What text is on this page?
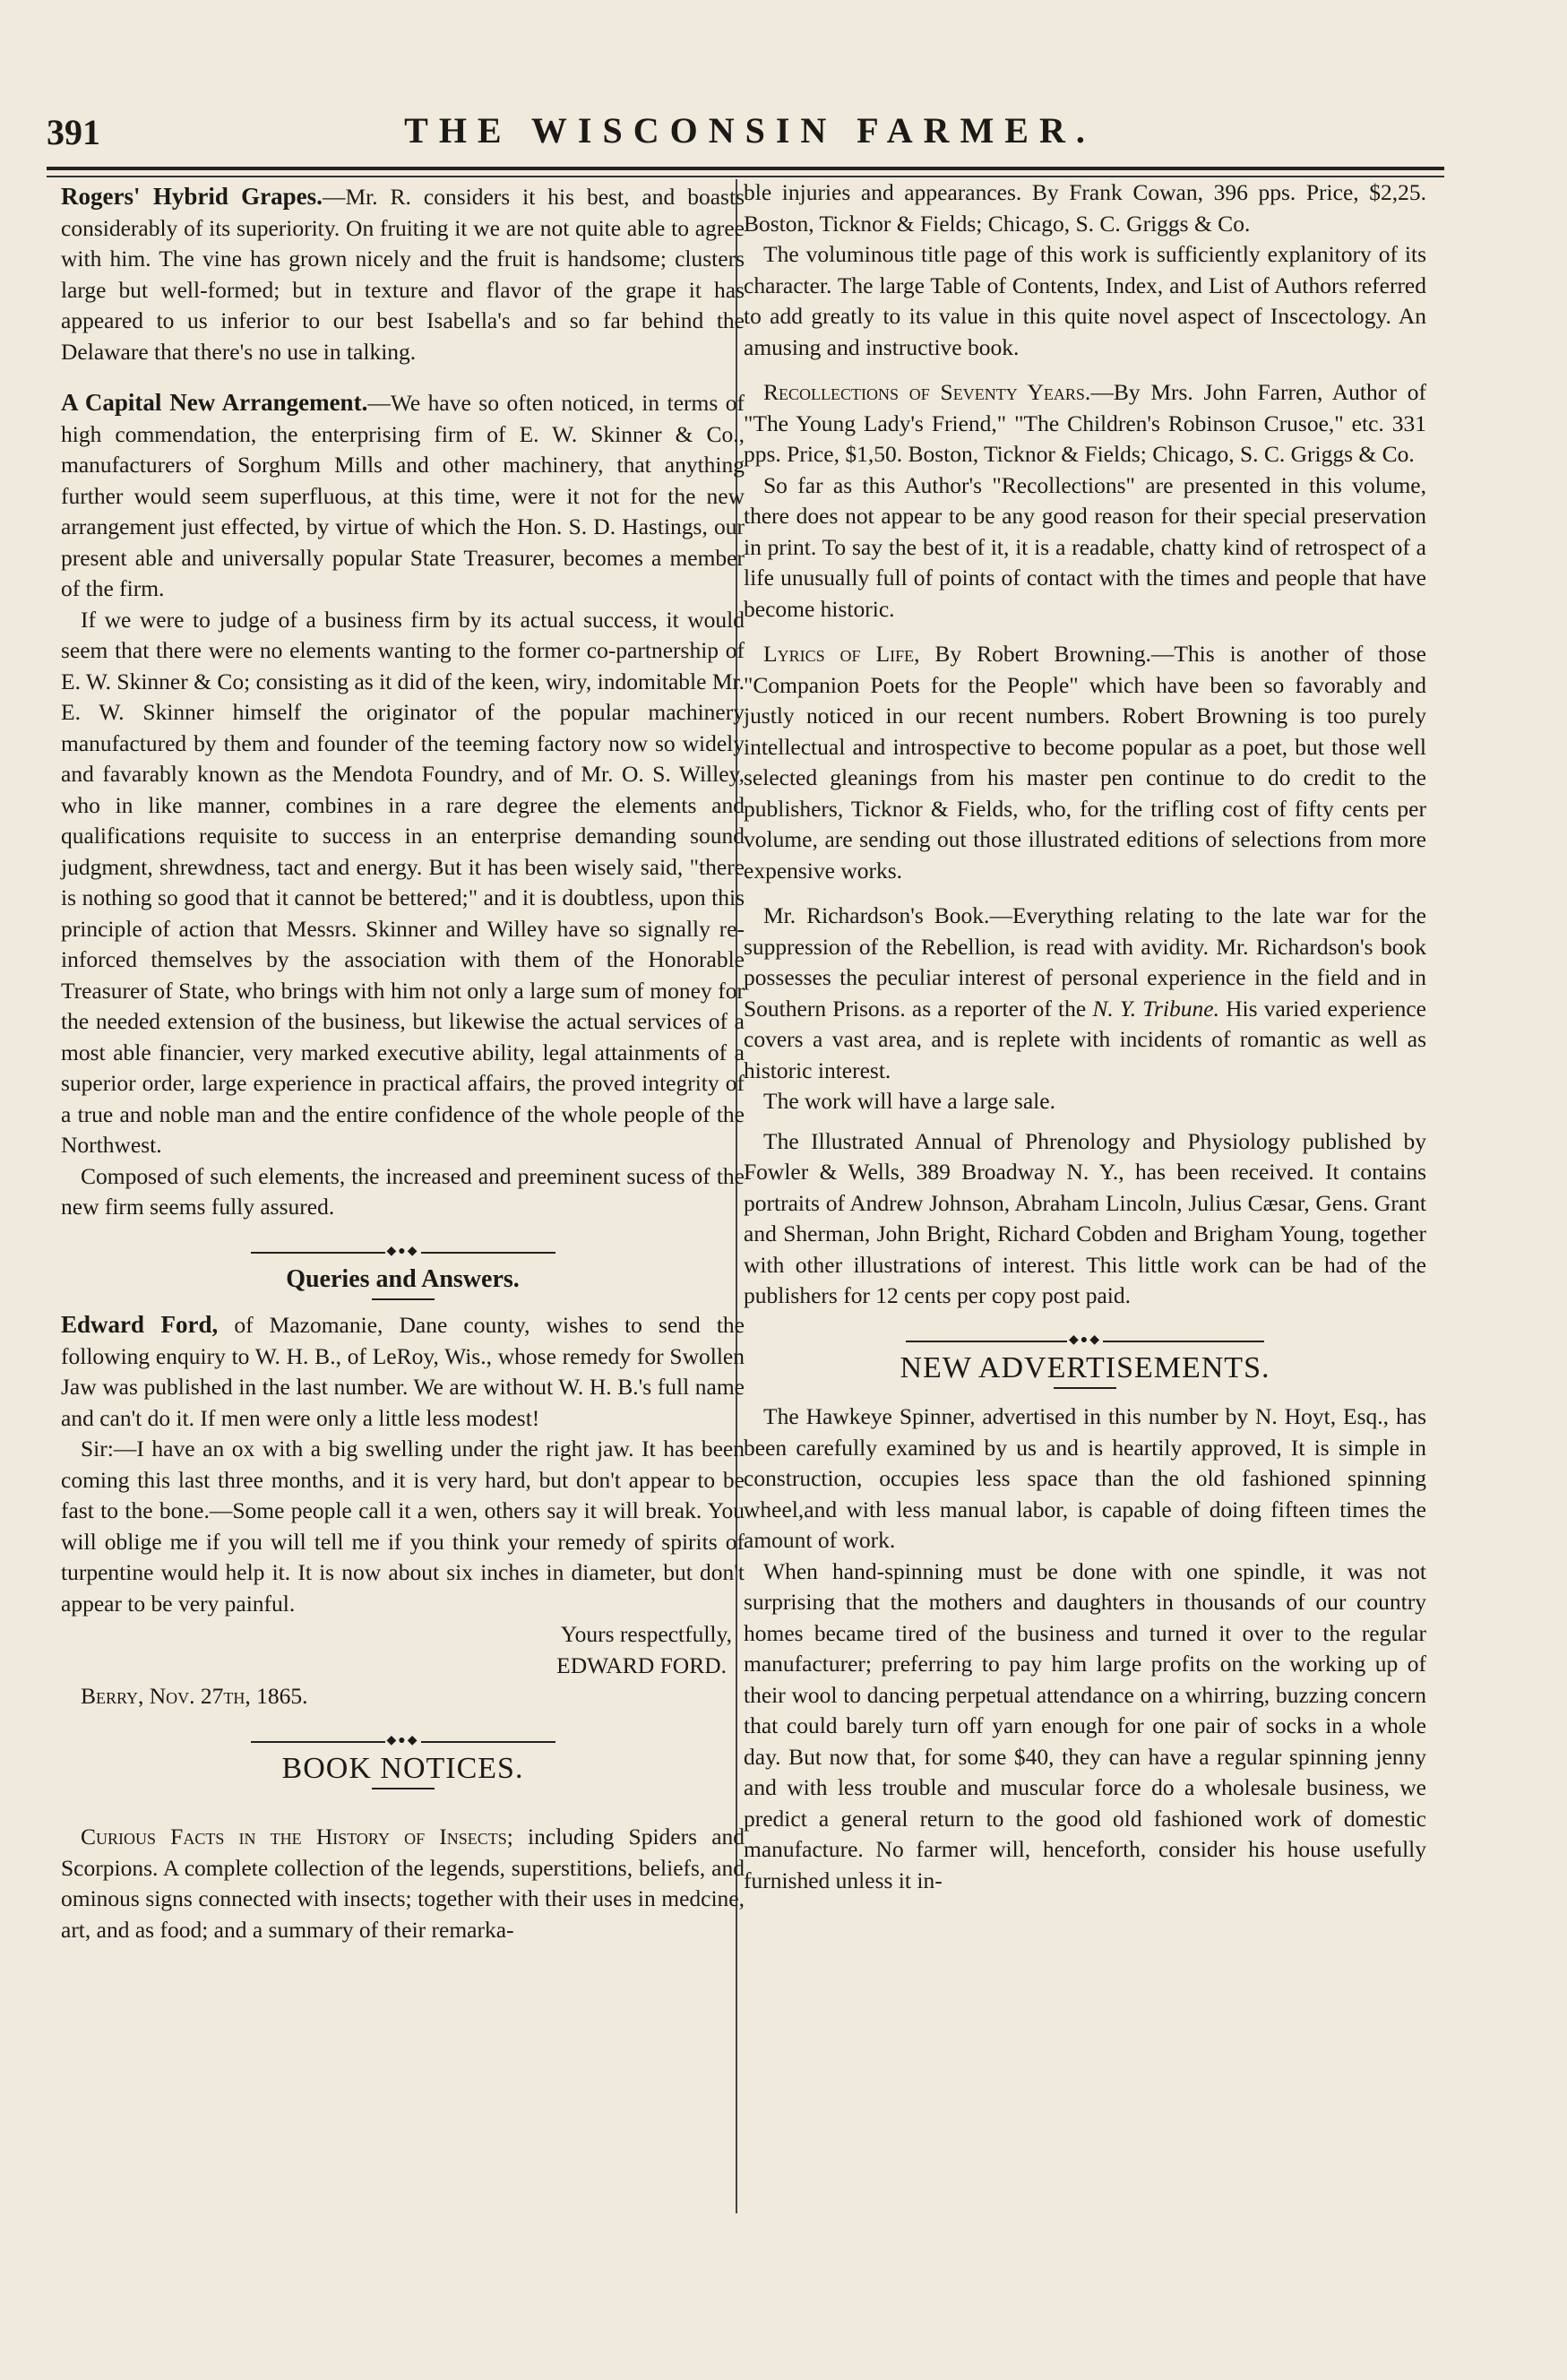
391	THE WISCONSIN FARMER.

Rogers' Hybrid Grapes.—Mr. R. considers it his best, and boasts considerably of its superiority. On fruiting it we are not quite able to agree with him. The vine has grown nicely and the fruit is handsome; clusters large but well-formed; but in texture and flavor of the grape it has appeared to us inferior to our best Isabella's and so far behind the Delaware that there's no use in talking.

A Capital New Arrangement.—We have so often noticed, in terms of high commendation, the enterprising firm of E. W. Skinner & Co., manufacturers of Sorghum Mills and other machinery, that anything further would seem superfluous, at this time, were it not for the new arrangement just effected, by virtue of which the Hon. S. D. Hastings, our present able and universally popular State Treasurer, becomes a member of the firm.

If we were to judge of a business firm by its actual success, it would seem that there were no elements wanting to the former co-partnership of E. W. Skinner & Co; consisting as it did of the keen, wiry, indomitable Mr. E. W. Skinner himself the originator of the popular machinery manufactured by them and founder of the teeming factory now so widely and favarably known as the Mendota Foundry, and of Mr. O. S. Willey, who in like manner, combines in a rare degree the elements and qualifications requisite to success in an enterprise demanding sound judgment, shrewdness, tact and energy. But it has been wisely said, "there is nothing so good that it cannot be bettered;" and it is doubtless, upon this principle of action that Messrs. Skinner and Willey have so signally re-inforced themselves by the association with them of the Honorable Treasurer of State, who brings with him not only a large sum of money for the needed extension of the business, but likewise the actual services of a most able financier, very marked executive ability, legal attainments of a superior order, large experience in practical affairs, the proved integrity of a true and noble man and the entire confidence of the whole people of the Northwest.

Composed of such elements, the increased and preeminent sucess of the new firm seems fully assured.

◆●◆
Queries and Answers.

Edward Ford, of Mazomanie, Dane county, wishes to send the following enquiry to W. H. B., of LeRoy, Wis., whose remedy for Swollen Jaw was published in the last number. We are without W. H. B.'s full name and can't do it. If men were only a little less modest!

Sir:—I have an ox with a big swelling under the right jaw. It has been coming this last three months, and it is very hard, but don't appear to be fast to the bone.—Some people call it a wen, others say it will break. You will oblige me if you will tell me if you think your remedy of spirits of turpentine would help it. It is now about six inches in diameter, but don't appear to be very painful.

Yours respectfully,
EDWARD FORD.

Berry, Nov. 27th, 1865.

◆●◆
BOOK NOTICES.

Curious Facts in the History of Insects; including Spiders and Scorpions. A complete collection of the legends, superstitions, beliefs, and ominous signs connected with insects; together with their uses in medcine, art, and as food; and a summary of their remarka-

ble injuries and appearances. By Frank Cowan, 396 pps. Price, $2,25. Boston, Ticknor & Fields; Chicago, S. C. Griggs & Co.

The voluminous title page of this work is sufficiently explanitory of its character. The large Table of Contents, Index, and List of Authors referred to add greatly to its value in this quite novel aspect of Inscectology. An amusing and instructive book.

Recollections of Seventy Years.—By Mrs. John Farren, Author of "The Young Lady's Friend," "The Children's Robinson Crusoe," etc. 331 pps. Price, $1,50. Boston, Ticknor & Fields; Chicago, S. C. Griggs & Co.

So far as this Author's "Recollections" are presented in this volume, there does not appear to be any good reason for their special preservation in print. To say the best of it, it is a readable, chatty kind of retrospect of a life unusually full of points of contact with the times and people that have become historic.

Lyrics of Life, By Robert Browning.—This is another of those "Companion Poets for the People" which have been so favorably and justly noticed in our recent numbers. Robert Browning is too purely intellectual and introspective to become popular as a poet, but those well selected gleanings from his master pen continue to do credit to the publishers, Ticknor & Fields, who, for the trifling cost of fifty cents per volume, are sending out those illustrated editions of selections from more expensive works.

Mr. Richardson's Book.—Everything relating to the late war for the suppression of the Rebellion, is read with avidity. Mr. Richardson's book possesses the peculiar interest of personal experience in the field and in Southern Prisons. as a reporter of the N. Y. Tribune. His varied experience covers a vast area, and is replete with incidents of romantic as well as historic interest.

The work will have a large sale.

The Illustrated Annual of Phrenology and Physiology published by Fowler & Wells, 389 Broadway N. Y., has been received. It contains portraits of Andrew Johnson, Abraham Lincoln, Julius Cæsar, Gens. Grant and Sherman, John Bright, Richard Cobden and Brigham Young, together with other illustrations of interest. This little work can be had of the publishers for 12 cents per copy post paid.

◆●◆
NEW ADVERTISEMENTS.

The Hawkeye Spinner, advertised in this number by N. Hoyt, Esq., has been carefully examined by us and is heartily approved, It is simple in construction, occupies less space than the old fashioned spinning wheel,and with less manual labor, is capable of doing fifteen times the amount of work.

When hand-spinning must be done with one spindle, it was not surprising that the mothers and daughters in thousands of our country homes became tired of the business and turned it over to the regular manufacturer; preferring to pay him large profits on the working up of their wool to dancing perpetual attendance on a whirring, buzzing concern that could barely turn off yarn enough for one pair of socks in a whole day. But now that, for some $40, they can have a regular spinning jenny and with less trouble and muscular force do a wholesale business, we predict a general return to the good old fashioned work of domestic manufacture. No farmer will, henceforth, consider his house usefully furnished unless it in-
